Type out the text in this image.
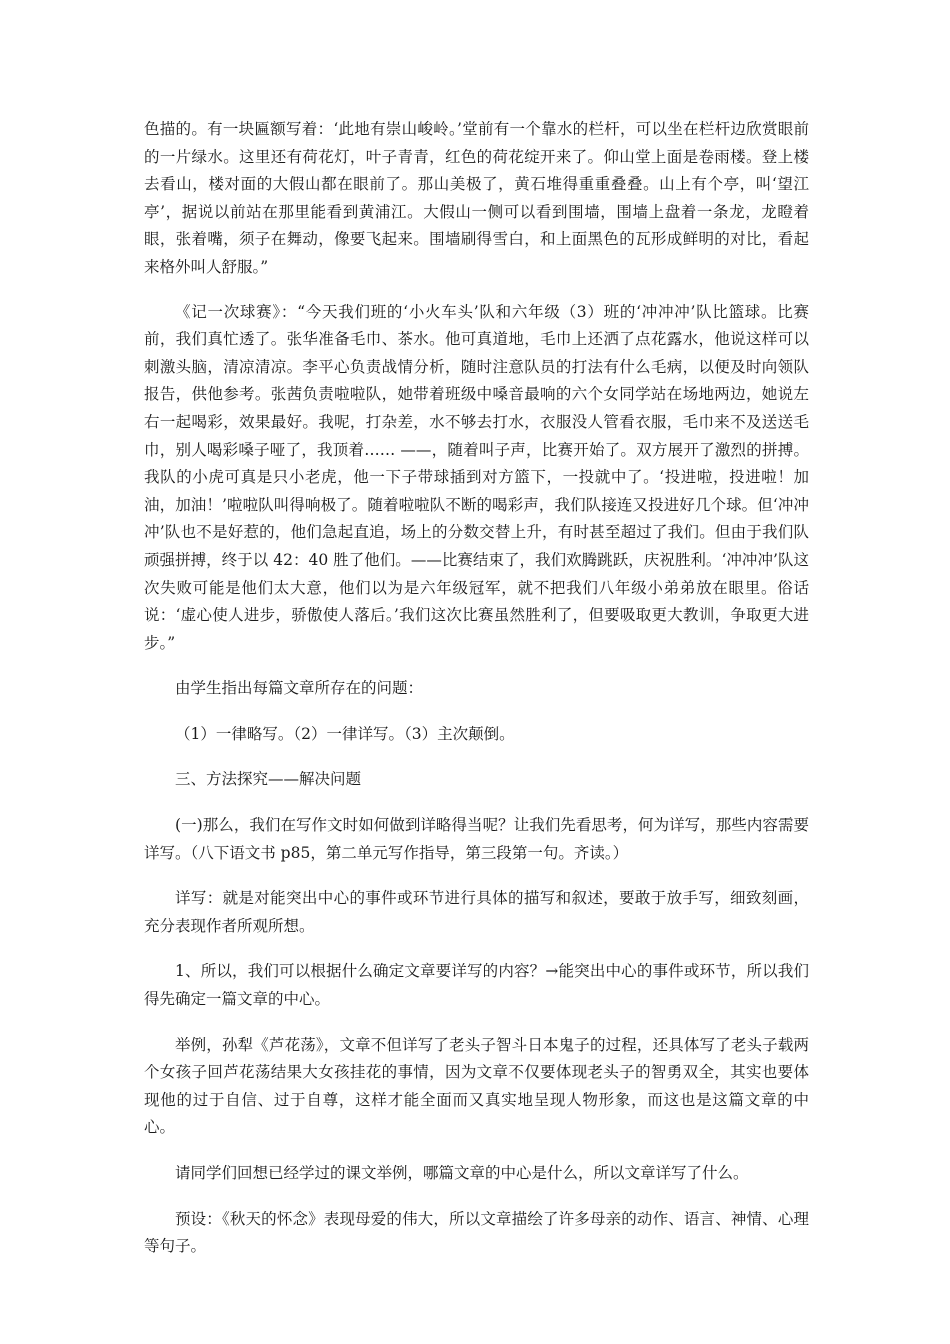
色描的。有一块匾额写着：‘此地有崇山峻岭。’堂前有一个靠水的栏杆，可以坐在栏杆边欣赏眼前的一片绿水。这里还有荷花灯，叶子青青，红色的荷花绽开来了。仰山堂上面是卷雨楼。登上楼去看山，楼对面的大假山都在眼前了。那山美极了，黄石堆得重重叠叠。山上有个亭，叫‘望江亭’，据说以前站在那里能看到黄浦江。大假山一侧可以看到围墙，围墙上盘着一条龙，龙瞪着眼，张着嘴，须子在舞动，像要飞起来。围墙刷得雪白，和上面黑色的瓦形成鲜明的对比，看起来格外叫人舒服。”

《记一次球赛》：“今天我们班的‘小火车头’队和六年级（3）班的‘冲冲冲’队比篮球。比赛前，我们真忙透了。张华准备毛巾、茶水。他可真道地，毛巾上还洒了点花露水，他说这样可以刺激头脑，清凉清凉。李平心负责战情分析，随时注意队员的打法有什么毛病，以便及时向领队报告，供他参考。张茜负责啦啦队，她带着班级中嗓音最响的六个女同学站在场地两边，她说左右一起喝彩，效果最好。我呢，打杂差，水不够去打水，衣服没人管看衣服，毛巾来不及送送毛巾，别人喝彩嗓子哑了，我顶着…… ——，随着叫子声，比赛开始了。双方展开了激烈的拼搏。我队的小虎可真是只小老虎，他一下子带球插到对方篮下，一投就中了。‘投进啦，投进啦！加油，加油！’啦啦队叫得响极了。随着啦啦队不断的喝彩声，我们队接连又投进好几个球。但‘冲冲冲’队也不是好惹的，他们急起直追，场上的分数交替上升，有时甚至超过了我们。但由于我们队顽强拼搏，终于以 42：40 胜了他们。——比赛结束了，我们欢腾跳跃，庆祝胜利。‘冲冲冲’队这次失败可能是他们太大意，他们以为是六年级冠军，就不把我们八年级小弟弟放在眼里。俗话说：‘虚心使人进步，骄傲使人落后。’我们这次比赛虽然胜利了，但要吸取更大教训，争取更大进步。”

由学生指出每篇文章所存在的问题：

（1）一律略写。（2）一律详写。（3）主次颠倒。

三、方法探究——解决问题

(一)那么，我们在写作文时如何做到详略得当呢？让我们先看思考，何为详写，那些内容需要详写。（八下语文书 p85，第二单元写作指导，第三段第一句。齐读。）

详写：就是对能突出中心的事件或环节进行具体的描写和叙述，要敢于放手写，细致刻画，充分表现作者所观所想。

1、所以，我们可以根据什么确定文章要详写的内容？→能突出中心的事件或环节，所以我们得先确定一篇文章的中心。

举例，孙犁《芦花荡》，文章不但详写了老头子智斗日本鬼子的过程，还具体写了老头子载两个女孩子回芦花荡结果大女孩挂花的事情，因为文章不仅要体现老头子的智勇双全，其实也要体现他的过于自信、过于自尊，这样才能全面而又真实地呈现人物形象，而这也是这篇文章的中心。

请同学们回想已经学过的课文举例，哪篇文章的中心是什么，所以文章详写了什么。

预设：《秋天的怀念》表现母爱的伟大，所以文章描绘了许多母亲的动作、语言、神情、心理等句子。
